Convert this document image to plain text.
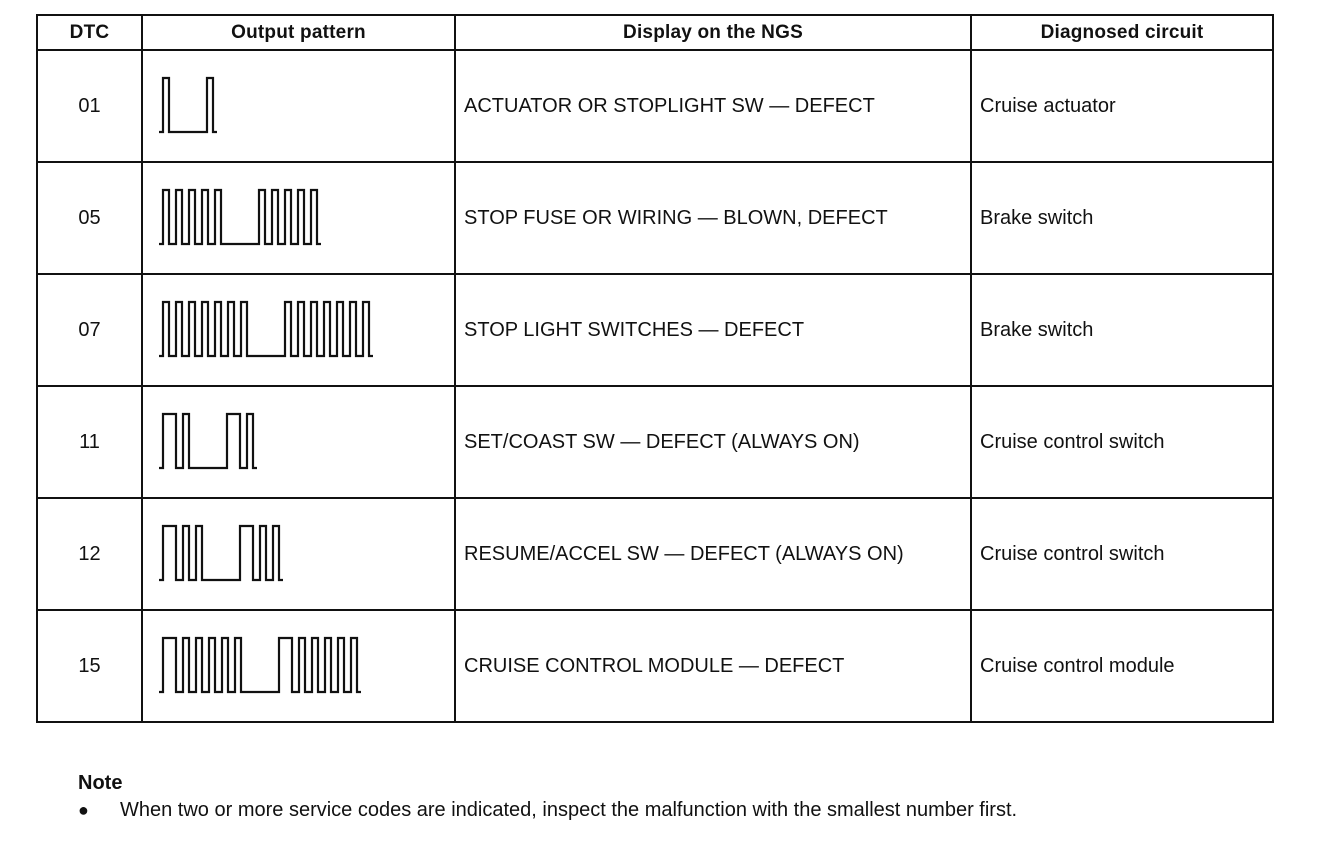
DTC	Output pattern	Display on the NGS	Diagnosed circuit
01		ACTUATOR OR STOPLIGHT SW — DEFECT	Cruise actuator
05		STOP FUSE OR WIRING — BLOWN, DEFECT	Brake switch
07		STOP LIGHT SWITCHES — DEFECT	Brake switch
11		SET/COAST SW — DEFECT (ALWAYS ON)	Cruise control switch
12		RESUME/ACCEL SW — DEFECT (ALWAYS ON)	Cruise control switch
15		CRUISE CONTROL MODULE — DEFECT	Cruise control module
Note
●	When two or more service codes are indicated, inspect the malfunction with the smallest number first.
